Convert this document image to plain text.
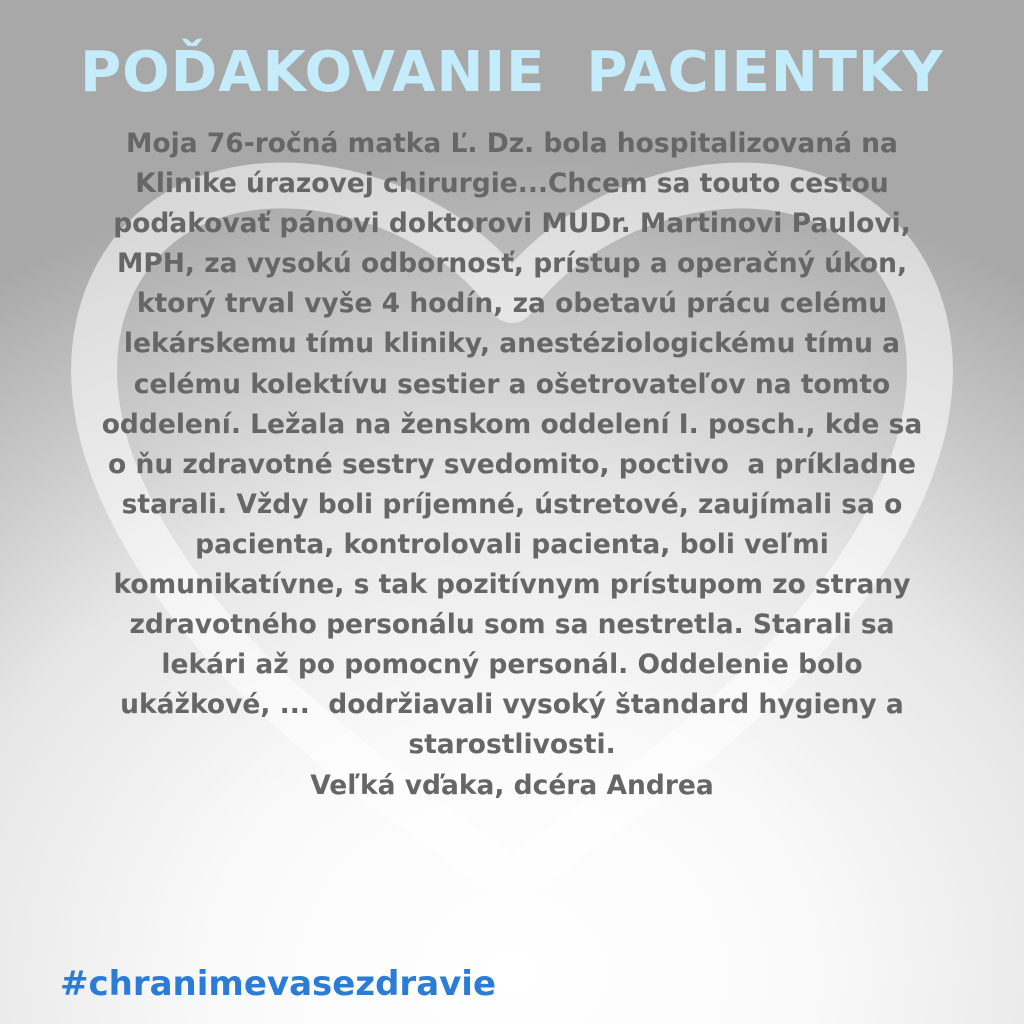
POĎAKOVANIE  PACIENTKY
Moja 76-ročná matka Ľ. Dz. bola hospitalizovaná na
Klinike úrazovej chirurgie...Chcem sa touto cestou
poďakovať pánovi doktorovi MUDr. Martinovi Paulovi,
MPH, za vysokú odbornosť, prístup a operačný úkon,
ktorý trval vyše 4 hodín, za obetavú prácu celému
lekárskemu tímu kliniky, anestéziologickému tímu a
celému kolektívu sestier a ošetrovateľov na tomto
oddelení. Ležala na ženskom oddelení I. posch., kde sa
o ňu zdravotné sestry svedomito, poctivo  a príkladne
starali. Vždy boli príjemné, ústretové, zaujímali sa o
pacienta, kontrolovali pacienta, boli veľmi
komunikatívne, s tak pozitívnym prístupom zo strany
zdravotného personálu som sa nestretla. Starali sa
lekári až po pomocný personál. Oddelenie bolo
ukážkové, ...  dodržiavali vysoký štandard hygieny a
starostlivosti.
Veľká vďaka, dcéra Andrea
#chranimevasezdravie
